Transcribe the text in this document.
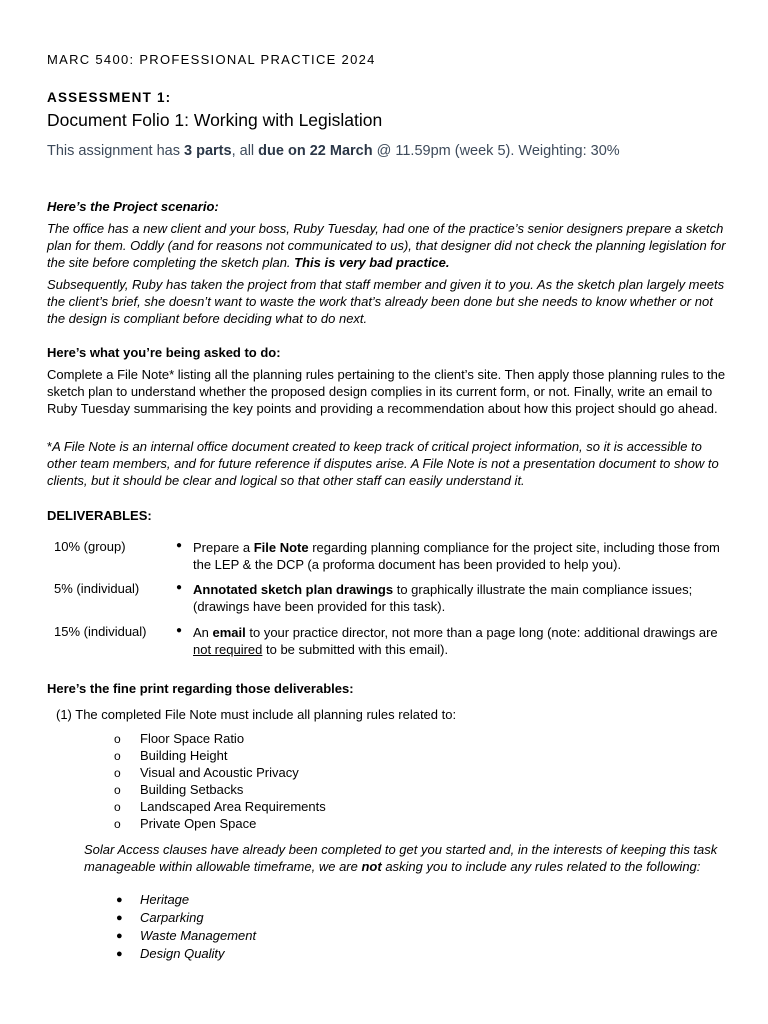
MARC 5400: PROFESSIONAL PRACTICE 2024
ASSESSMENT 1:
Document Folio 1: Working with Legislation
This assignment has 3 parts, all due on 22 March @ 11.59pm (week 5). Weighting: 30%
Here’s the Project scenario:
The office has a new client and your boss, Ruby Tuesday, had one of the practice’s senior designers prepare a sketch plan for them. Oddly (and for reasons not communicated to us), that designer did not check the planning legislation for the site before completing the sketch plan. This is very bad practice.
Subsequently, Ruby has taken the project from that staff member and given it to you. As the sketch plan largely meets the client’s brief, she doesn’t want to waste the work that’s already been done but she needs to know whether or not the design is compliant before deciding what to do next.
Here’s what you’re being asked to do:
Complete a File Note* listing all the planning rules pertaining to the client’s site. Then apply those planning rules to the sketch plan to understand whether the proposed design complies in its current form, or not. Finally, write an email to Ruby Tuesday summarising the key points and providing a recommendation about how this project should go ahead.
*A File Note is an internal office document created to keep track of critical project information, so it is accessible to other team members, and for future reference if disputes arise. A File Note is not a presentation document to show to clients, but it should be clear and logical so that other staff can easily understand it.
DELIVERABLES:
10% (group)	● Prepare a File Note regarding planning compliance for the project site, including those from the LEP & the DCP (a proforma document has been provided to help you).
5% (individual)	● Annotated sketch plan drawings to graphically illustrate the main compliance issues; (drawings have been provided for this task).
15% (individual)	● An email to your practice director, not more than a page long (note: additional drawings are not required to be submitted with this email).
Here’s the fine print regarding those deliverables:
(1) The completed File Note must include all planning rules related to:
o Floor Space Ratio
o Building Height
o Visual and Acoustic Privacy
o Building Setbacks
o Landscaped Area Requirements
o Private Open Space
Solar Access clauses have already been completed to get you started and, in the interests of keeping this task manageable within allowable timeframe, we are not asking you to include any rules related to the following:
● Heritage
● Carparking
● Waste Management
● Design Quality
